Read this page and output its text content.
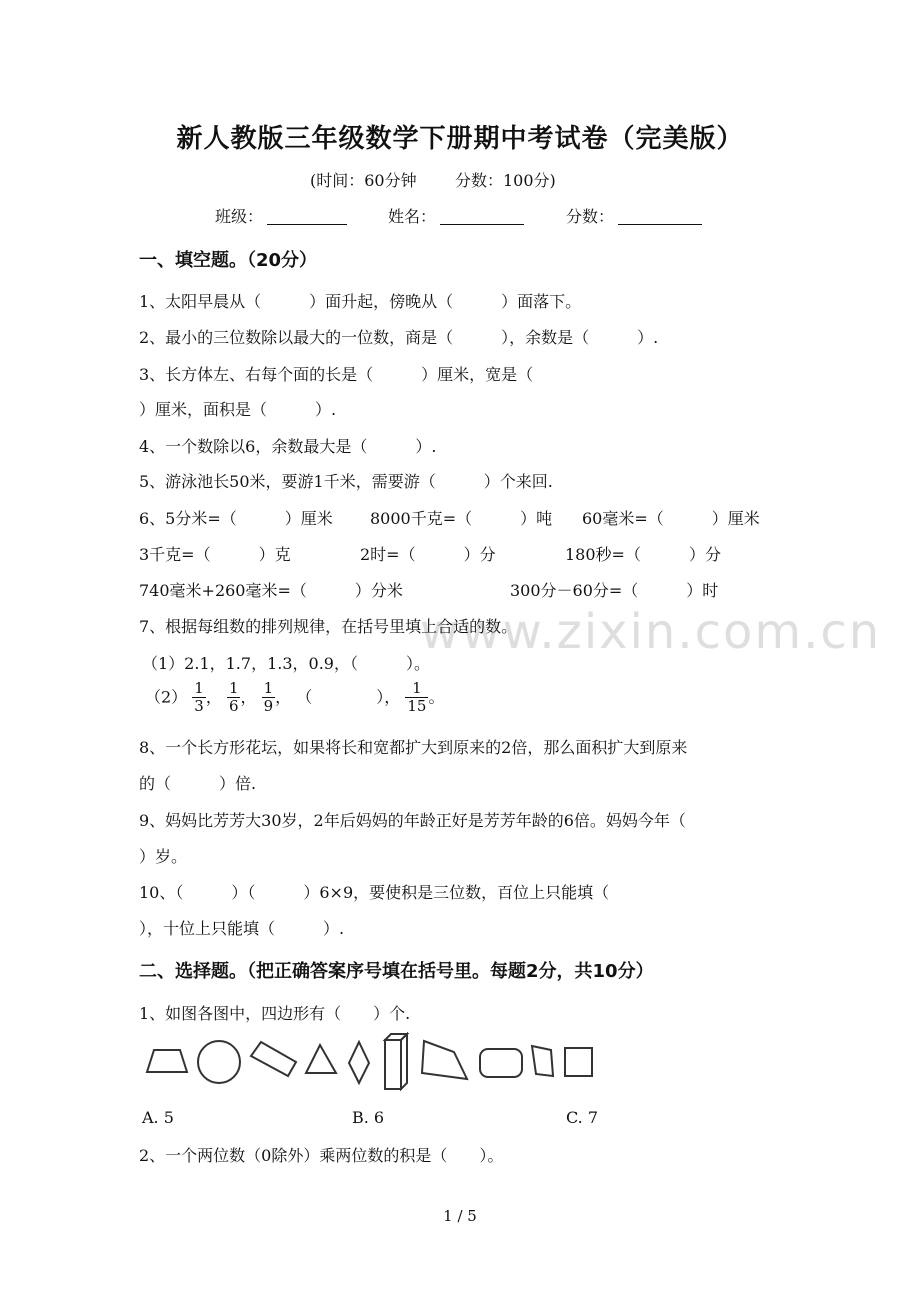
www.zixin.com.cn
新人教版三年级数学下册期中考试卷（完美版）
(时间：60分钟 分数：100分)
班级：	姓名：	分数：
一、填空题。（20分）
1、太阳早晨从（　　　）面升起，傍晚从（　　　）面落下。
2、最小的三位数除以最大的一位数，商是（　　　），余数是（　　　）.
3、长方体左、右每个面的长是（　　　）厘米，宽是（
）厘米，面积是（　　　）.
4、一个数除以6，余数最大是（　　　）.
5、游泳池长50米，要游1千米，需要游（　　　）个来回.
6、5分米=（　　　）厘米 8000千克=（　　　）吨 60毫米=（　　　）厘米
3千克=（　　　）克	2时=（　　　）分	180秒=（　　　）分
740毫米+260毫米=（　　　）分米	300分－60分=（　　　）时
7、根据每组数的排列规律，在括号里填上合适的数。
（1）2.1，1.7，1.3，0.9，（　　　）。
$(2) \frac{1}{3}$ ， $\frac{1}{6}$ ， $\frac{1}{9}$ ， （　　　　）， $\frac{1}{15}$ 。
8、一个长方形花坛，如果将长和宽都扩大到原来的2倍，那么面积扩大到原来
的（　　　）倍.
9、妈妈比芳芳大30岁，2年后妈妈的年龄正好是芳芳年龄的6倍。妈妈今年（
）岁。
10、（　　　）（　　　）6×9，要使积是三位数，百位上只能填（
），十位上只能填（　　　）.
二、选择题。（把正确答案序号填在括号里。每题2分，共10分）
1、如图各图中，四边形有（　　）个.
A. 5	B. 6	C. 7
2、一个两位数（0除外）乘两位数的积是（　　）。
1 / 5
